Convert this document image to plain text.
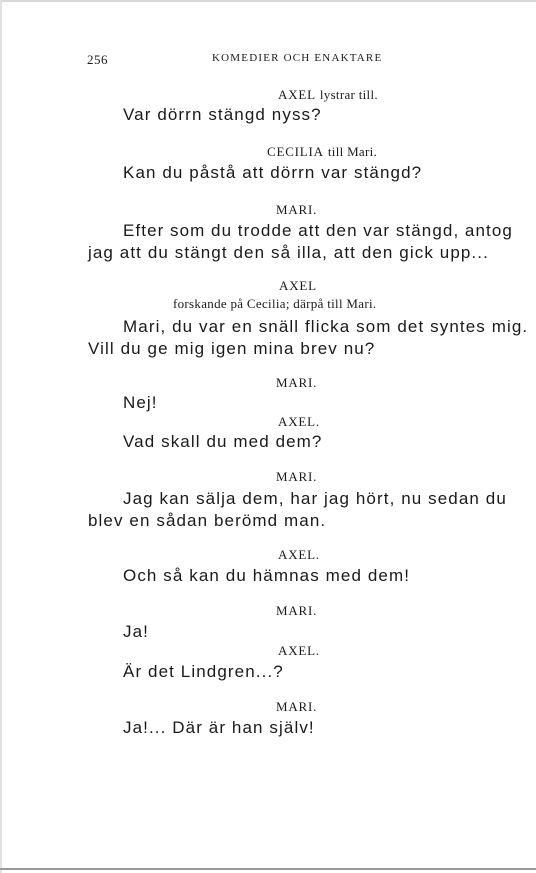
256	KOMEDIER OCH ENAKTARE
AXEL lystrar till.
Var dörrn stängd nyss?
CECILIA till Mari.
Kan du påstå att dörrn var stängd?
MARI.
Efter som du trodde att den var stängd, antog
jag att du stängt den så illa, att den gick upp...
AXEL
forskande på Cecilia; därpå till Mari.
Mari, du var en snäll flicka som det syntes mig.
Vill du ge mig igen mina brev nu?
MARI.
Nej!
AXEL.
Vad skall du med dem?
MARI.
Jag kan sälja dem, har jag hört, nu sedan du
blev en sådan berömd man.
AXEL.
Och så kan du hämnas med dem!
MARI.
Ja!
AXEL.
Är det Lindgren...?
MARI.
Ja!... Där är han själv!
